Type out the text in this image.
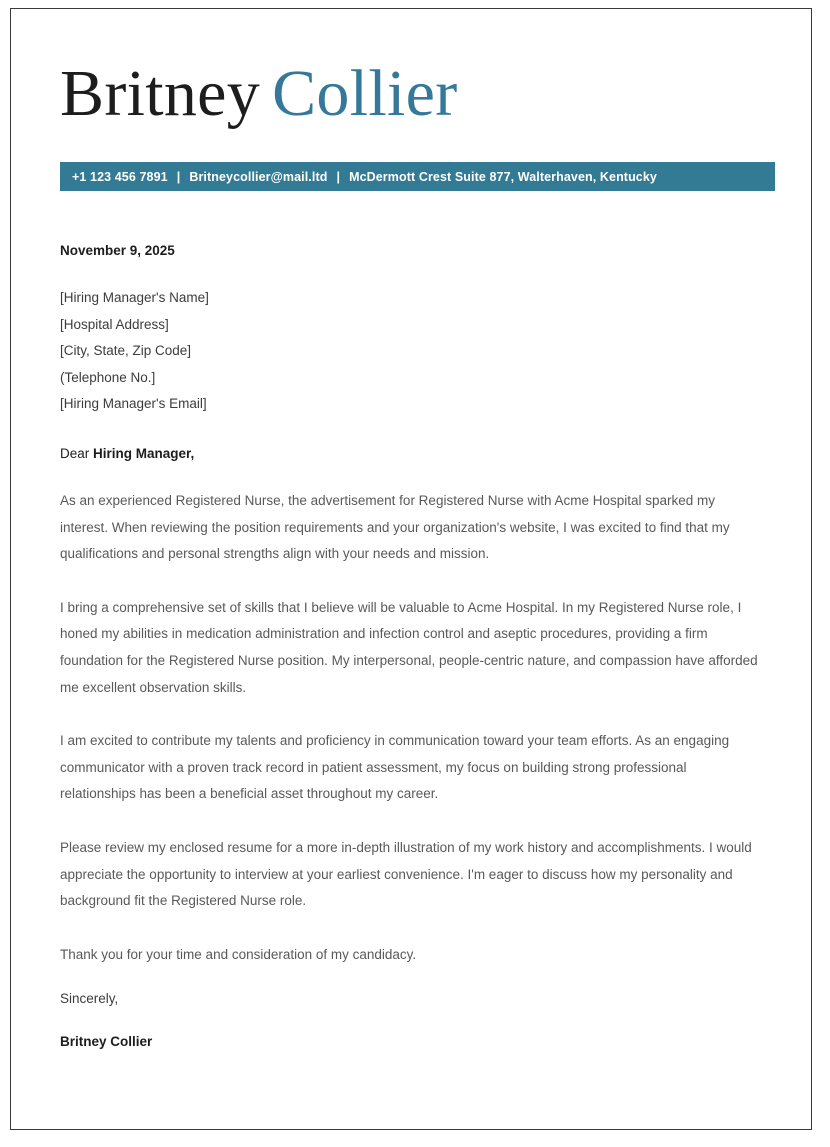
Britney Collier
+1 123 456 7891 | Britneycollier@mail.ltd | McDermott Crest Suite 877, Walterhaven, Kentucky
November 9, 2025
[Hiring Manager's Name]
[Hospital Address]
[City, State, Zip Code]
(Telephone No.]
[Hiring Manager's Email]
Dear Hiring Manager,

As an experienced Registered Nurse, the advertisement for Registered Nurse with Acme Hospital sparked my interest. When reviewing the position requirements and your organization's website, I was excited to find that my qualifications and personal strengths align with your needs and mission.

I bring a comprehensive set of skills that I believe will be valuable to Acme Hospital. In my Registered Nurse role, I honed my abilities in medication administration and infection control and aseptic procedures, providing a firm foundation for the Registered Nurse position. My interpersonal, people-centric nature, and compassion have afforded me excellent observation skills.

I am excited to contribute my talents and proficiency in communication toward your team efforts. As an engaging communicator with a proven track record in patient assessment, my focus on building strong professional relationships has been a beneficial asset throughout my career.

Please review my enclosed resume for a more in-depth illustration of my work history and accomplishments. I would appreciate the opportunity to interview at your earliest convenience. I'm eager to discuss how my personality and background fit the Registered Nurse role.

Thank you for your time and consideration of my candidacy.

Sincerely,

Britney Collier
